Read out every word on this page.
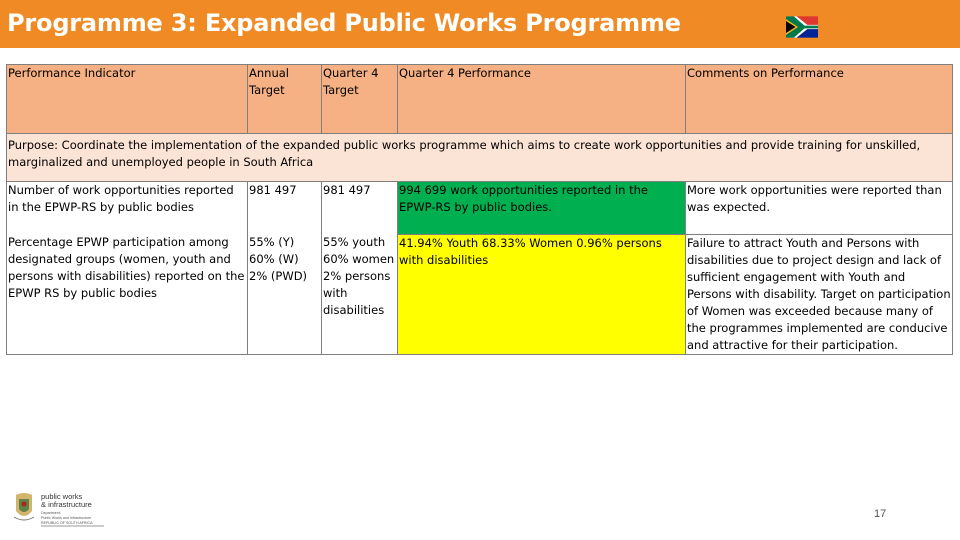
Programme 3: Expanded Public Works Programme
Performance Indicator	Annual Target	Quarter 4 Target	Quarter 4 Performance	Comments on Performance
Purpose: Coordinate the implementation of the expanded public works programme which aims to create work opportunities and provide training for unskilled, marginalized and unemployed people in South Africa				
Number of work opportunities reported in the EPWP-RS by public bodies	981 497	981 497	994 699 work opportunities reported in the EPWP-RS by public bodies.	More work opportunities were reported than was expected.
Percentage EPWP participation among designated groups (women, youth and persons with disabilities) reported on the EPWP RS by public bodies	55% (Y) 60% (W) 2% (PWD)	55% youth 60% women 2% persons with disabilities	41.94% Youth 68.33% Women 0.96% persons with disabilities	Failure to attract Youth and Persons with disabilities due to project design and lack of sufficient engagement with Youth and Persons with disability. Target on participation of Women was exceeded because many of the programmes implemented are conducive and attractive for their participation.
public works
& infrastructure
Department:
Public Works and Infrastructure
REPUBLIC OF SOUTH AFRICA
17
